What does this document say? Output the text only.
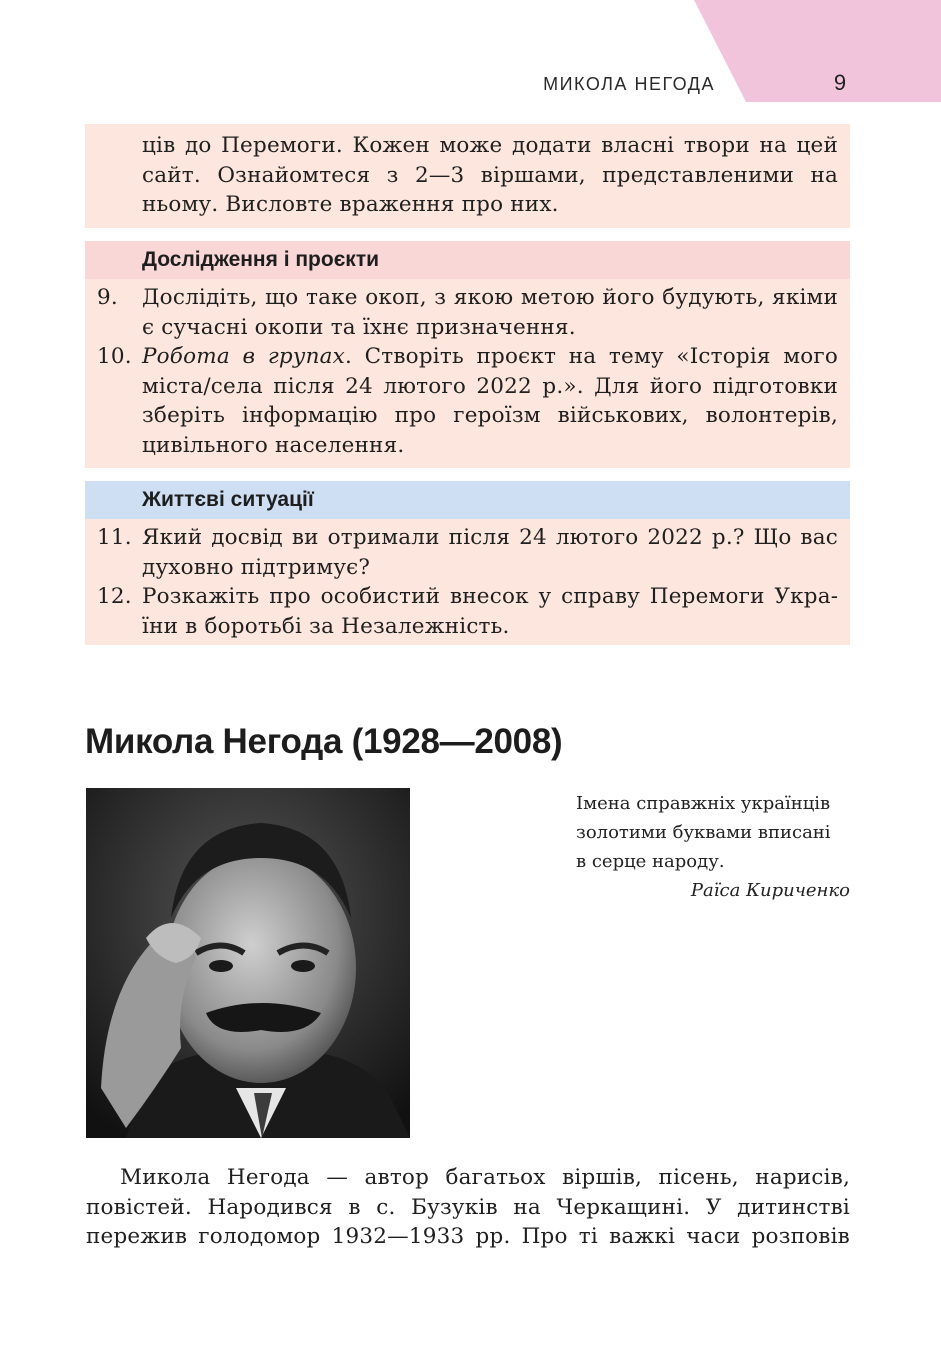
МИКОЛА НЕГОДА	9
ців до Перемоги. Кожен може додати власні твори на цей сайт. Ознайомтеся з 2—3 віршами, представленими на ньому. Висловте враження про них.
Дослідження і проєкти
9. Дослідіть, що таке окоп, з якою метою його будують, якіми є сучасні окопи та їхнє призначення.
10. Робота в групах. Створіть проєкт на тему «Історія мого міста/села після 24 лютого 2022 р.». Для його підготовки зберіть інформацію про героїзм військових, волонтерів, цивільного населення.
Життєві ситуації
11. Який досвід ви отримали після 24 лютого 2022 р.? Що вас духовно підтримує?
12. Розкажіть про особистий внесок у справу Перемоги України в боротьбі за Незалежність.
Микола Негода (1928—2008)
Імена справжніх українців
золотими буквами вписані
в серце народу.
Раїса Кириченко

Микола Негода — автор багатьох віршів, пісень, нарисів, повістей. Народився в с. Бузуків на Черкащині. У дитинстві пережив голодомор 1932—1933 рр. Про ті важкі часи розповів
